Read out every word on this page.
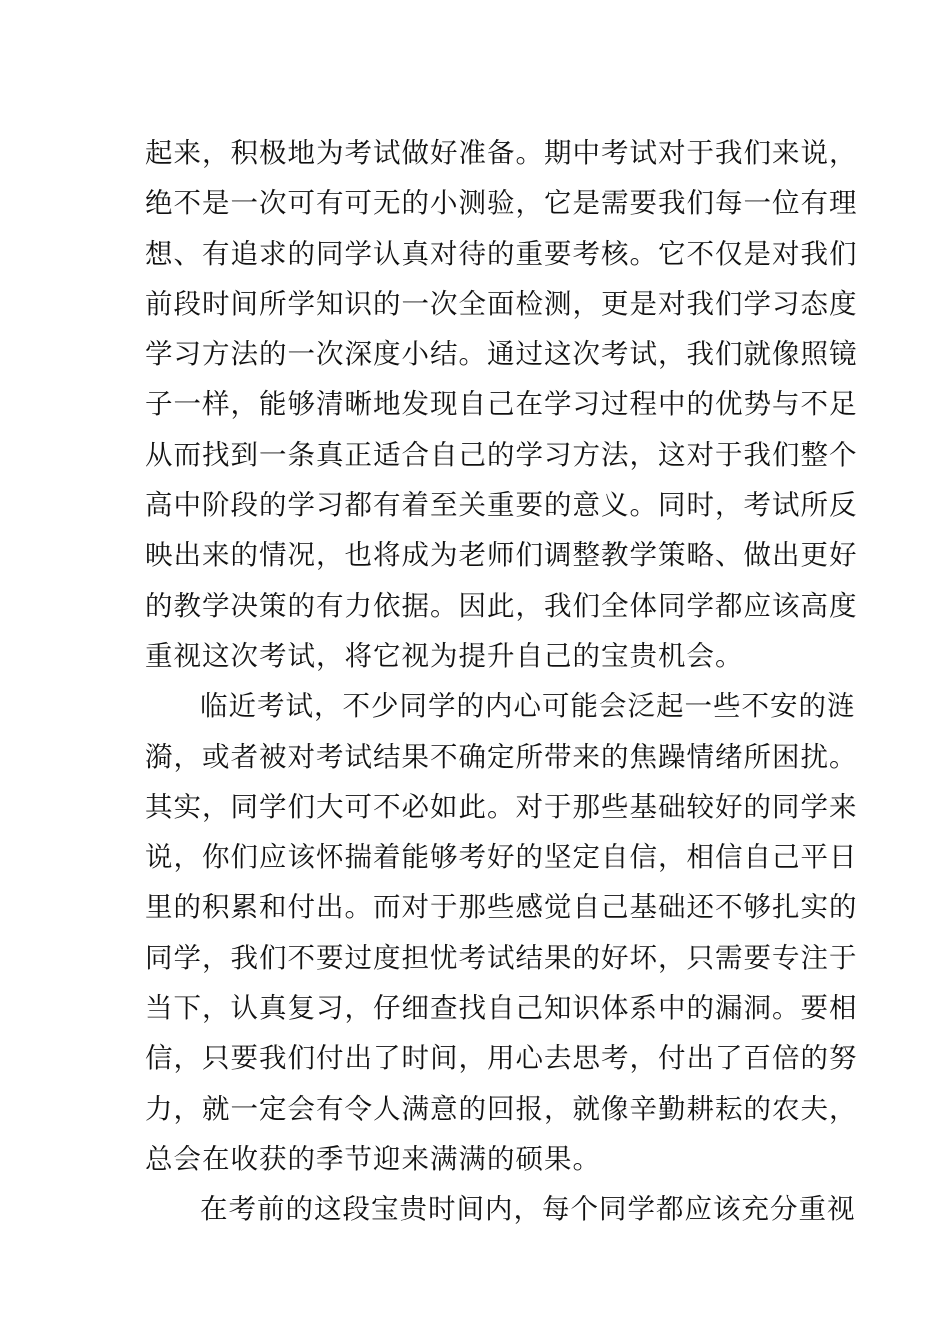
起来，积极地为考试做好准备。期中考试对于我们来说，
绝不是一次可有可无的小测验，它是需要我们每一位有理
想、有追求的同学认真对待的重要考核。它不仅是对我们
前段时间所学知识的一次全面检测，更是对我们学习态度
学习方法的一次深度小结。通过这次考试，我们就像照镜
子一样，能够清晰地发现自己在学习过程中的优势与不足
从而找到一条真正适合自己的学习方法，这对于我们整个
高中阶段的学习都有着至关重要的意义。同时，考试所反
映出来的情况，也将成为老师们调整教学策略、做出更好
的教学决策的有力依据。因此，我们全体同学都应该高度
重视这次考试，将它视为提升自己的宝贵机会。
临近考试，不少同学的内心可能会泛起一些不安的涟
漪，或者被对考试结果不确定所带来的焦躁情绪所困扰。
其实，同学们大可不必如此。对于那些基础较好的同学来
说，你们应该怀揣着能够考好的坚定自信，相信自己平日
里的积累和付出。而对于那些感觉自己基础还不够扎实的
同学，我们不要过度担忧考试结果的好坏，只需要专注于
当下，认真复习，仔细查找自己知识体系中的漏洞。要相
信，只要我们付出了时间，用心去思考，付出了百倍的努
力，就一定会有令人满意的回报，就像辛勤耕耘的农夫，
总会在收获的季节迎来满满的硕果。
在考前的这段宝贵时间内，每个同学都应该充分重视
